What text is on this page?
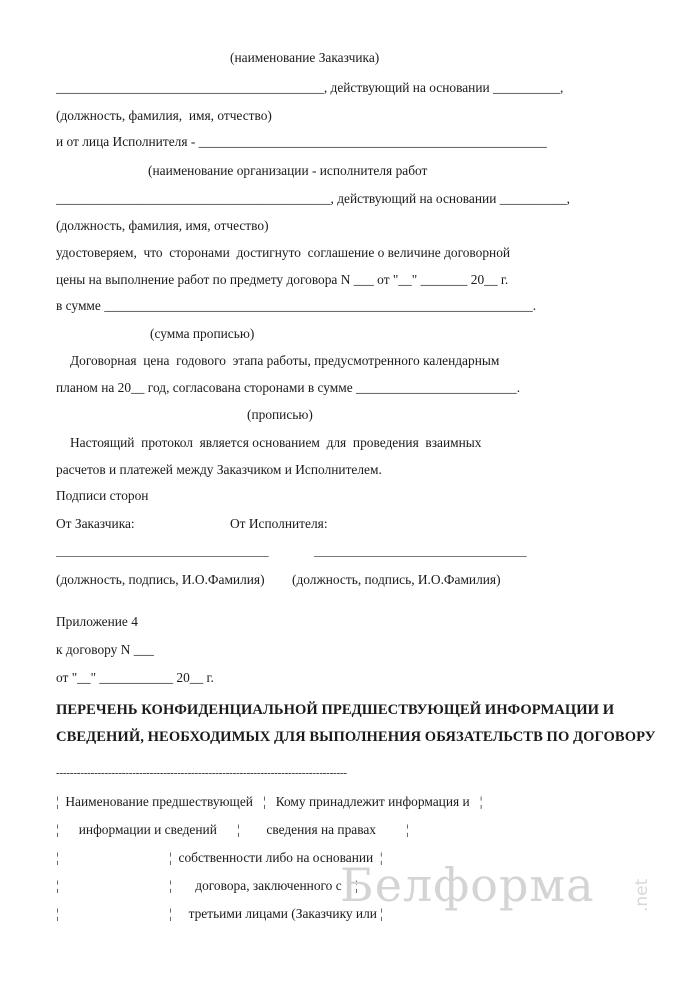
(наименование Заказчика)
________________________________________, действующий на основании __________,
(должность, фамилия,  имя, отчество)
и от лица Исполнителя - ____________________________________________________
(наименование организации - исполнителя работ
_________________________________________, действующий на основании __________,
(должность, фамилия, имя, отчество)
удостоверяем,  что  сторонами  достигнуто  соглашение о величине договорной
цены на выполнение работ по предмету договора N ___ от "__" _______ 20__ г.
в сумме ________________________________________________________________.
(сумма прописью)
Договорная  цена  годового  этапа работы, предусмотренного календарным
планом на 20__ год, согласована сторонами в сумме ________________________.
(прописью)
Настоящий  протокол  является основанием  для  проведения  взаимных
расчетов и платежей между Заказчиком и Исполнителем.
Подписи сторон
От Заказчика:	От Исполнителя:
______________________________________	______________________________________
(должность, подпись, И.О.Фамилия) (должность, подпись, И.О.Фамилия)
Приложение 4
к договору N ___
от "__" ___________ 20__ г.
ПЕРЕЧЕНЬ КОНФИДЕНЦИАЛЬНОЙ ПРЕДШЕСТВУЮЩЕЙ ИНФОРМАЦИИ И
СВЕДЕНИЙ, НЕОБХОДИМЫХ ДЛЯ ВЫПОЛНЕНИЯ ОБЯЗАТЕЛЬСТВ ПО ДОГОВОРУ
------------------------------------------------------------------------------------
¦  Наименование предшествующей   ¦   Кому принадлежит информация и   ¦
¦      информации и сведений      ¦        сведения на правах         ¦
¦                                 ¦  собственности либо на основании  ¦
¦                                 ¦       договора, заключенного с    ¦
¦                                 ¦     третьими лицами (Заказчику или ¦
Белформа .net
